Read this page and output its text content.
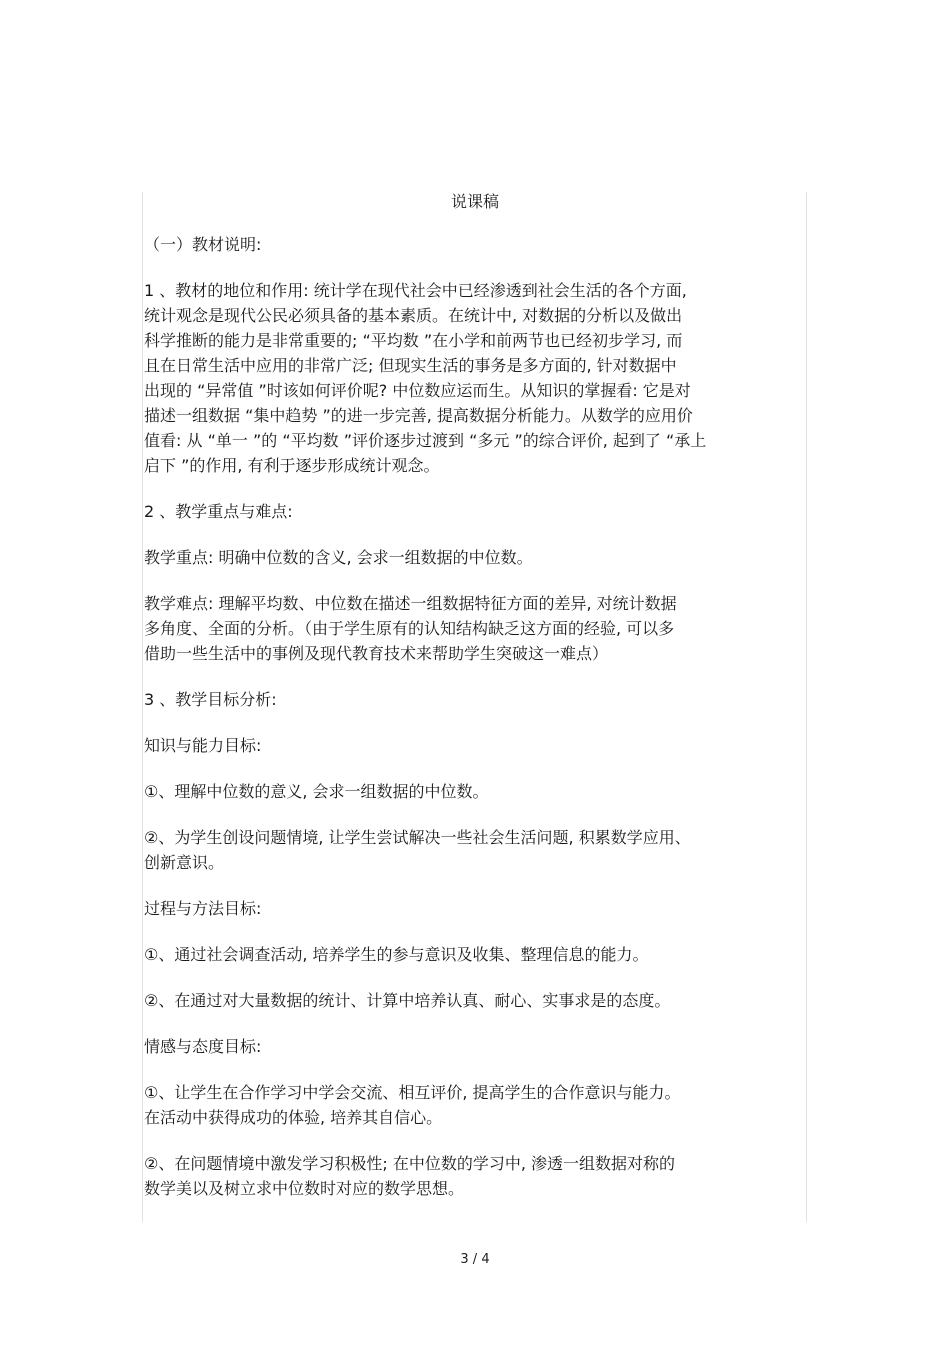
说课稿
（一）教材说明:
1 、教材的地位和作用: 统计学在现代社会中已经渗透到社会生活的各个方面,
统计观念是现代公民必须具备的基本素质。在统计中, 对数据的分析以及做出
科学推断的能力是非常重要的; “平均数 ”在小学和前两节也已经初步学习, 而
且在日常生活中应用的非常广泛; 但现实生活的事务是多方面的, 针对数据中
出现的 “异常值 ”时该如何评价呢? 中位数应运而生。从知识的掌握看: 它是对
描述一组数据 “集中趋势 ”的进一步完善, 提高数据分析能力。从数学的应用价
值看: 从 “单一 ”的 “平均数 ”评价逐步过渡到 “多元 ”的综合评价, 起到了 “承上
启下 ”的作用, 有利于逐步形成统计观念。
2 、教学重点与难点:
教学重点: 明确中位数的含义, 会求一组数据的中位数。
教学难点: 理解平均数、中位数在描述一组数据特征方面的差异, 对统计数据
多角度、全面的分析。（由于学生原有的认知结构缺乏这方面的经验, 可以多
借助一些生活中的事例及现代教育技术来帮助学生突破这一难点）
3 、教学目标分析:
知识与能力目标:
①、理解中位数的意义, 会求一组数据的中位数。
②、为学生创设问题情境, 让学生尝试解决一些社会生活问题, 积累数学应用、
创新意识。
过程与方法目标:
①、通过社会调查活动, 培养学生的参与意识及收集、整理信息的能力。
②、在通过对大量数据的统计、计算中培养认真、耐心、实事求是的态度。
情感与态度目标:
①、让学生在合作学习中学会交流、相互评价, 提高学生的合作意识与能力。
在活动中获得成功的体验, 培养其自信心。
②、在问题情境中激发学习积极性; 在中位数的学习中, 渗透一组数据对称的
数学美以及树立求中位数时对应的数学思想。
3 / 4
